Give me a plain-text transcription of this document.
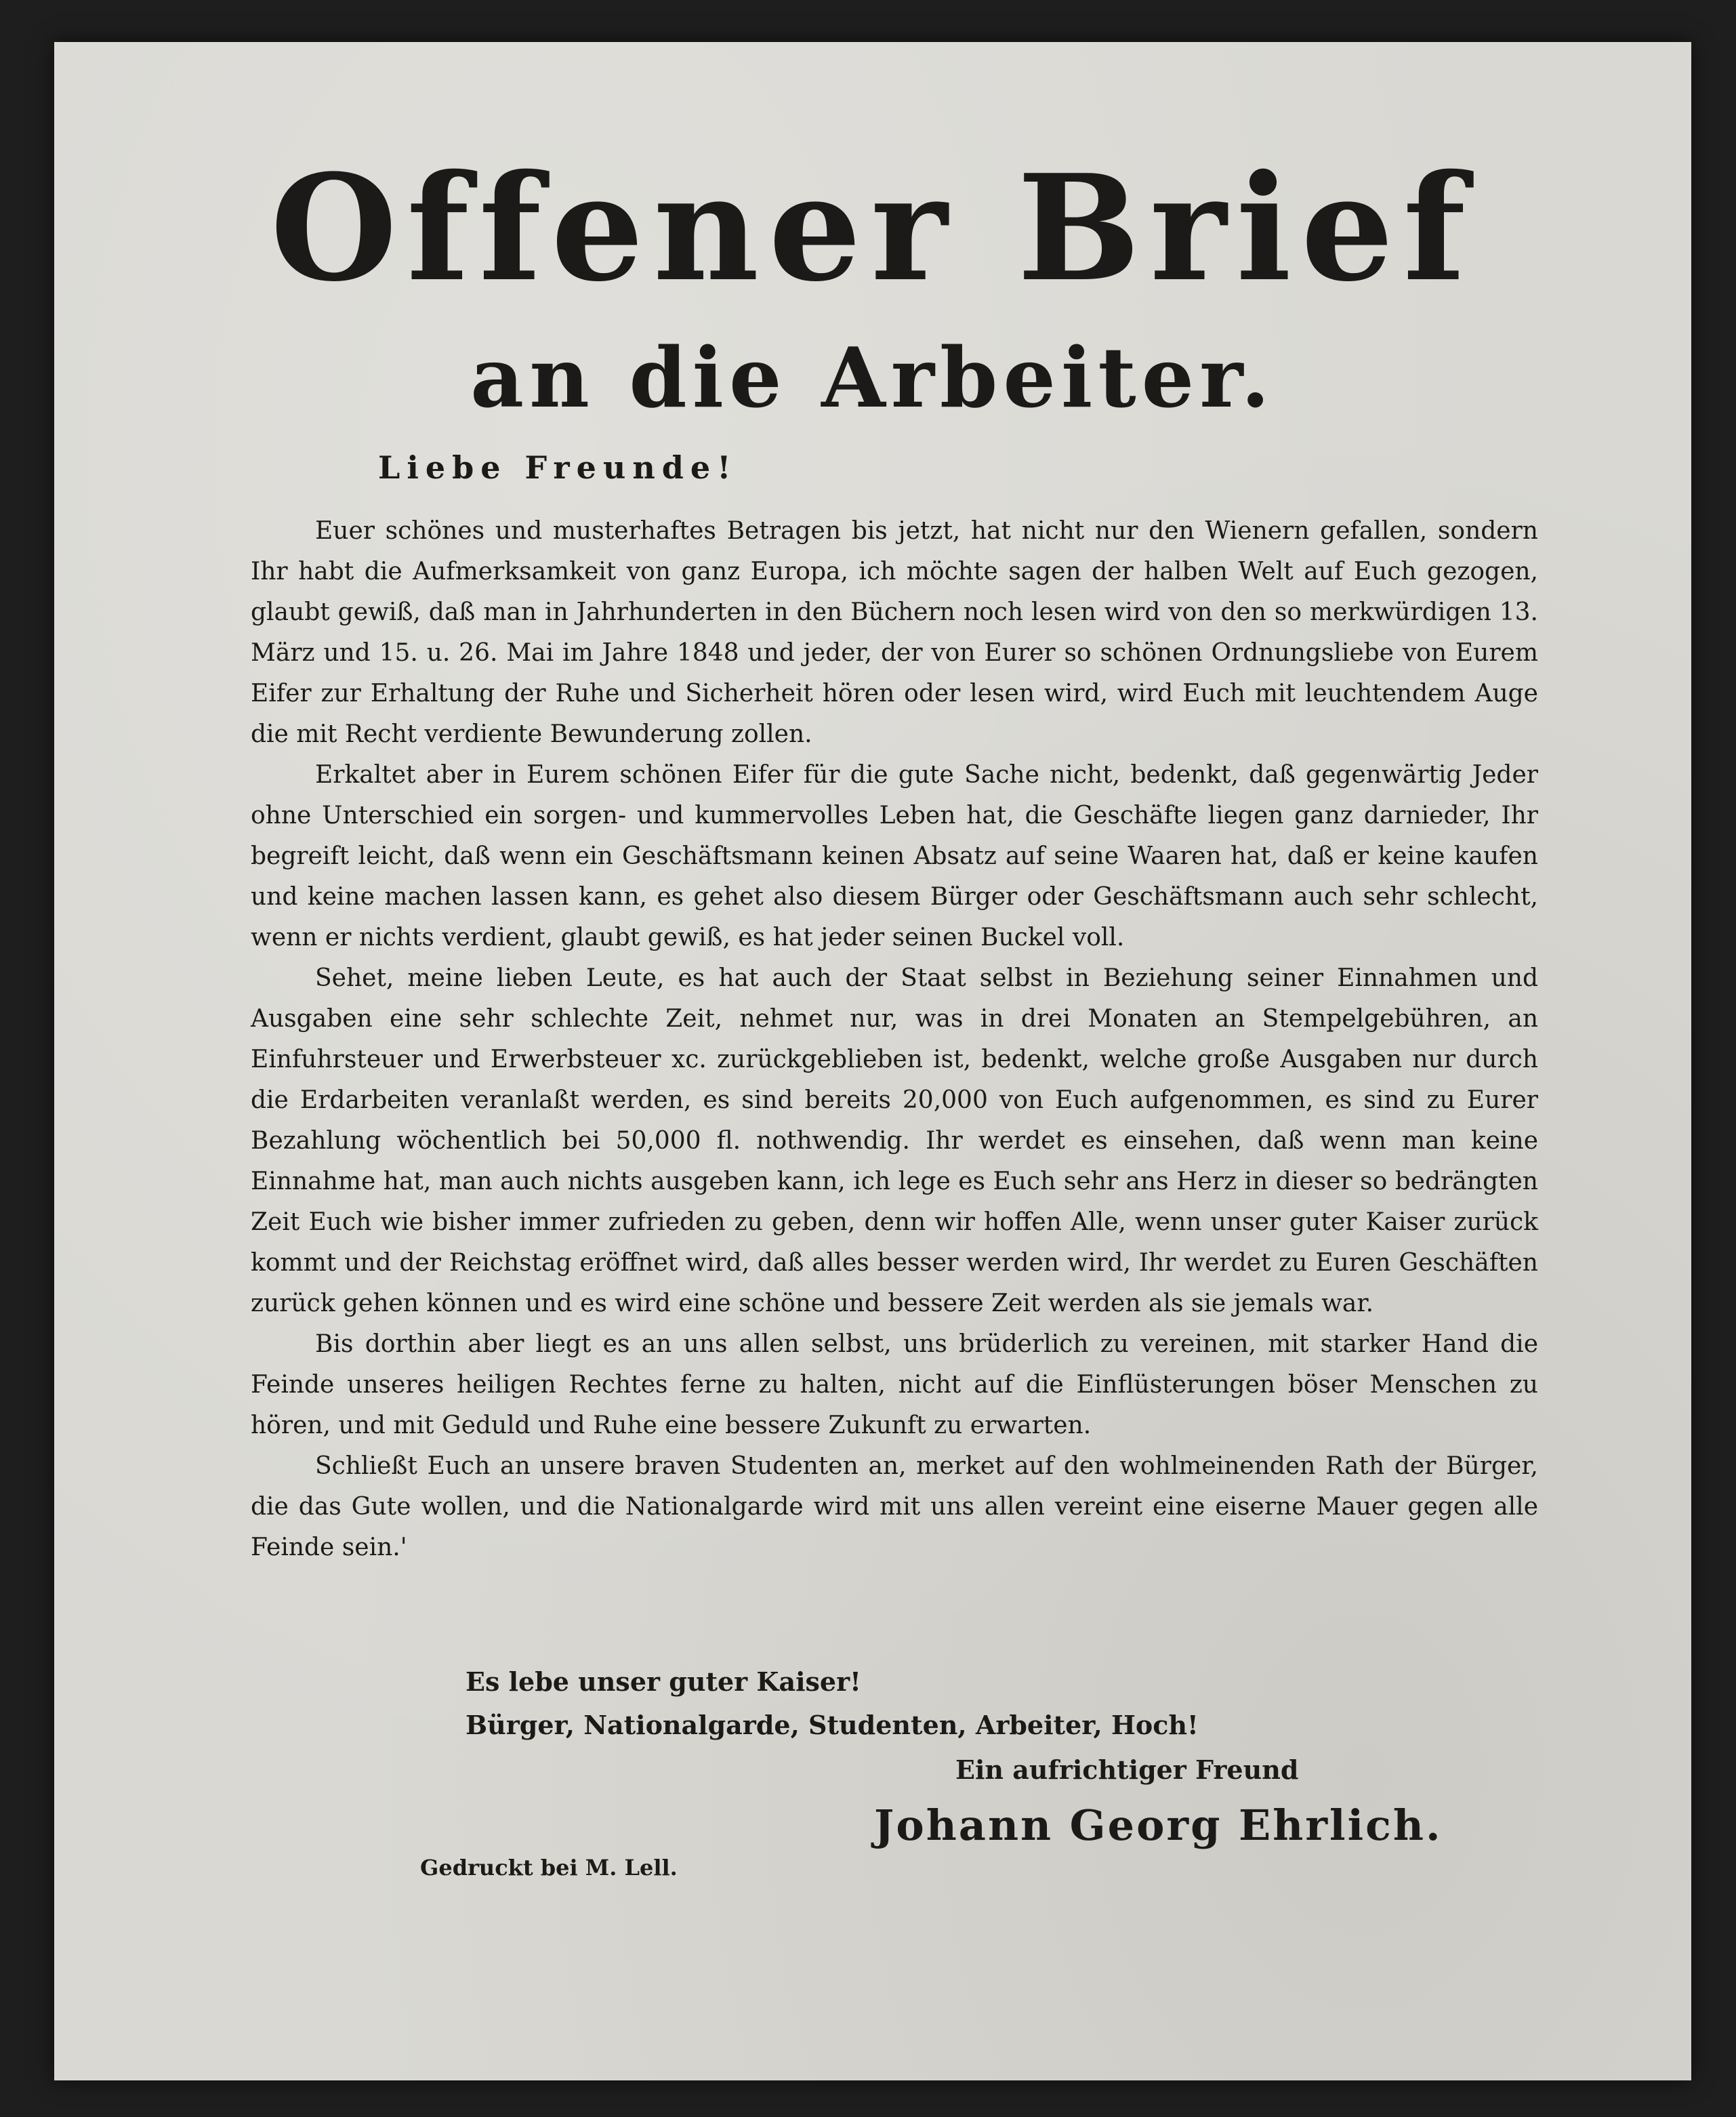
Offener Brief
an die Arbeiter.
Liebe Freunde!

Euer schönes und musterhaftes Betragen bis jetzt, hat nicht nur den Wienern gefallen, sondern Ihr habt die Aufmerksamkeit von ganz Europa, ich möchte sagen der halben Welt auf Euch gezogen, glaubt gewiß, daß man in Jahrhunderten in den Büchern noch lesen wird von den so merkwürdigen 13. März und 15. u. 26. Mai im Jahre 1848 und jeder, der von Eurer so schönen Ordnungsliebe von Eurem Eifer zur Erhaltung der Ruhe und Sicherheit hören oder lesen wird, wird Euch mit leuchtendem Auge die mit Recht verdiente Bewunderung zollen.

Erkaltet aber in Eurem schönen Eifer für die gute Sache nicht, bedenkt, daß gegenwärtig Jeder ohne Unterschied ein sorgen- und kummervolles Leben hat, die Geschäfte liegen ganz darnieder, Ihr begreift leicht, daß wenn ein Geschäftsmann keinen Absatz auf seine Waaren hat, daß er keine kaufen und keine machen lassen kann, es gehet also diesem Bürger oder Geschäftsmann auch sehr schlecht, wenn er nichts verdient, glaubt gewiß, es hat jeder seinen Buckel voll.

Sehet, meine lieben Leute, es hat auch der Staat selbst in Beziehung seiner Einnahmen und Ausgaben eine sehr schlechte Zeit, nehmet nur, was in drei Monaten an Stempelgebühren, an Einfuhrsteuer und Erwerbsteuer xc. zurückgeblieben ist, bedenkt, welche große Ausgaben nur durch die Erdarbeiten veranlaßt werden, es sind bereits 20,000 von Euch aufgenommen, es sind zu Eurer Bezahlung wöchentlich bei 50,000 fl. nothwendig. Ihr werdet es einsehen, daß wenn man keine Einnahme hat, man auch nichts ausgeben kann, ich lege es Euch sehr ans Herz in dieser so bedrängten Zeit Euch wie bisher immer zufrieden zu geben, denn wir hoffen Alle, wenn unser guter Kaiser zurück kommt und der Reichstag eröffnet wird, daß alles besser werden wird, Ihr werdet zu Euren Geschäften zurück gehen können und es wird eine schöne und bessere Zeit werden als sie jemals war.

Bis dorthin aber liegt es an uns allen selbst, uns brüderlich zu vereinen, mit starker Hand die Feinde unseres heiligen Rechtes ferne zu halten, nicht auf die Einflüsterungen böser Menschen zu hören, und mit Geduld und Ruhe eine bessere Zukunft zu erwarten.

Schließt Euch an unsere braven Studenten an, merket auf den wohlmeinenden Rath der Bürger, die das Gute wollen, und die Nationalgarde wird mit uns allen vereint eine eiserne Mauer gegen alle Feinde sein.'

Es lebe unser guter Kaiser!
Bürger, Nationalgarde, Studenten, Arbeiter, Hoch!
Ein aufrichtiger Freund
Johann Georg Ehrlich.
Gedruckt bei M. Lell.
